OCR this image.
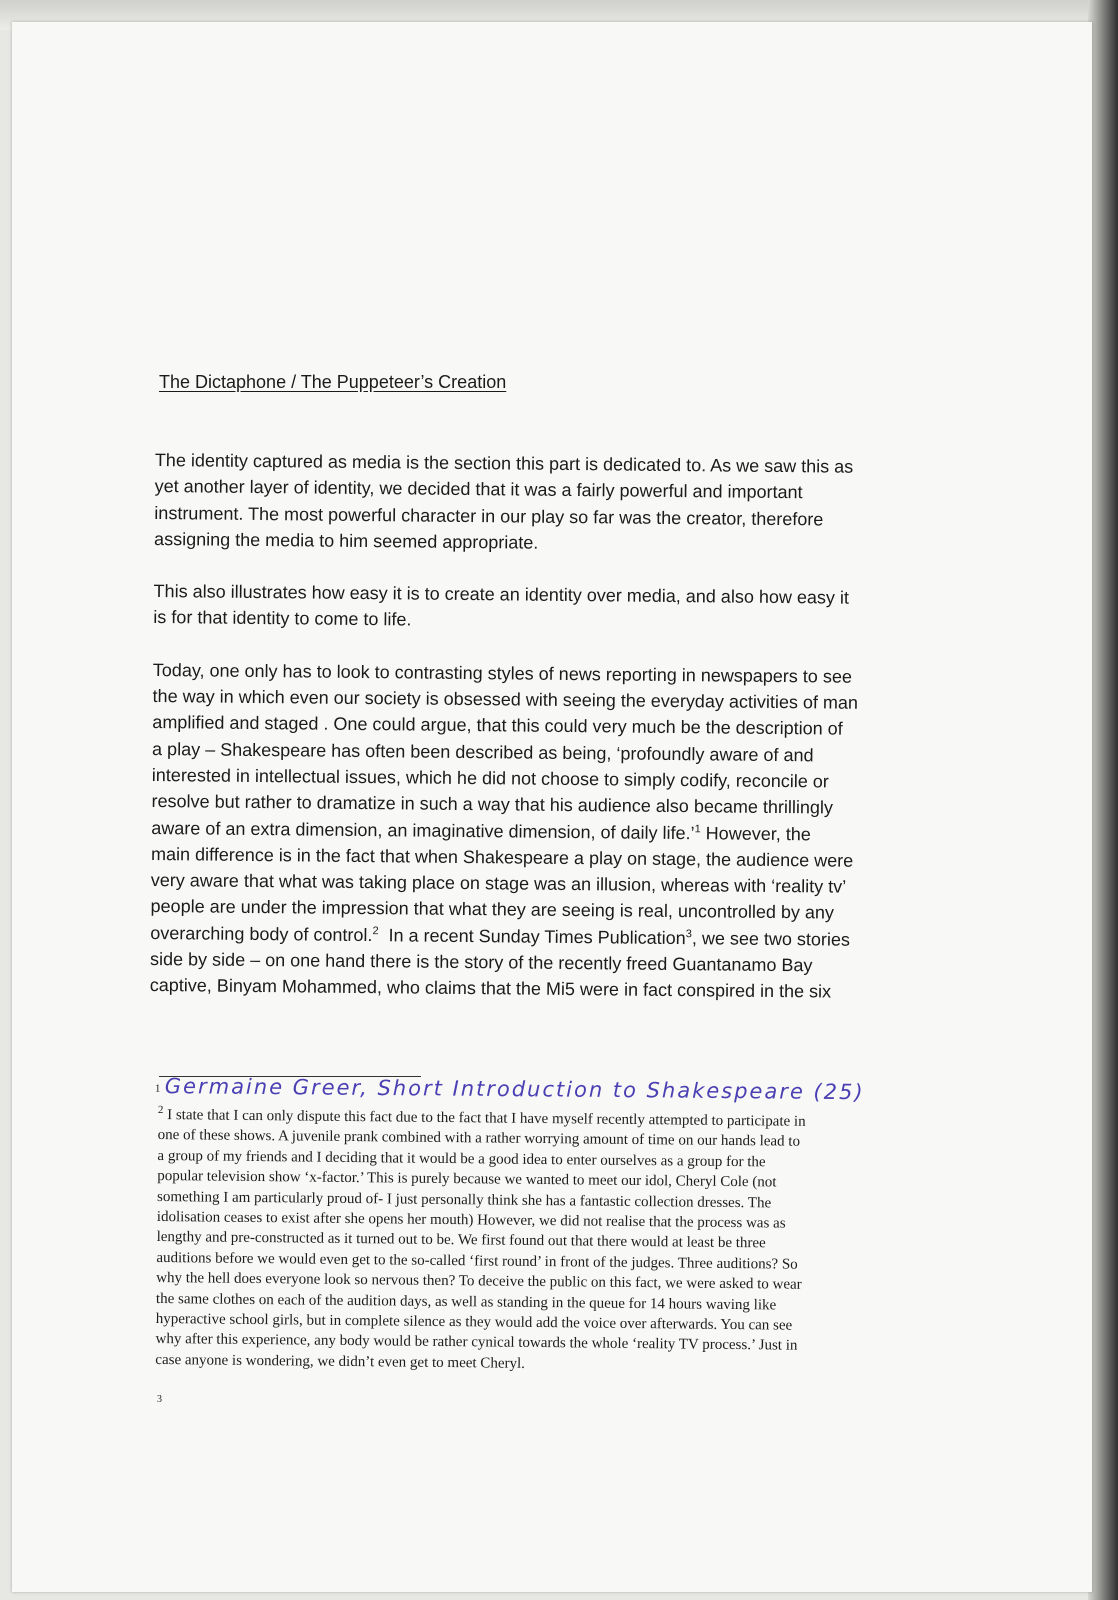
The Dictaphone / The Puppeteer’s Creation

The identity captured as media is the section this part is dedicated to. As we saw this as
yet another layer of identity, we decided that it was a fairly powerful and important
instrument. The most powerful character in our play so far was the creator, therefore
assigning the media to him seemed appropriate.

This also illustrates how easy it is to create an identity over media, and also how easy it
is for that identity to come to life.

Today, one only has to look to contrasting styles of news reporting in newspapers to see
the way in which even our society is obsessed with seeing the everyday activities of man
amplified and staged . One could argue, that this could very much be the description of
a play – Shakespeare has often been described as being, ‘profoundly aware of and
interested in intellectual issues, which he did not choose to simply codify, reconcile or
resolve but rather to dramatize in such a way that his audience also became thrillingly
aware of an extra dimension, an imaginative dimension, of daily life.’$^1$ However, the
main difference is in the fact that when Shakespeare a play on stage, the audience were
very aware that what was taking place on stage was an illusion, whereas with ‘reality tv’
people are under the impression that what they are seeing is real, uncontrolled by any
overarching body of control.$^2$  In a recent Sunday Times Publication$^3$, we see two stories
side by side – on one hand there is the story of the recently freed Guantanamo Bay
captive, Binyam Mohammed, who claims that the Mi5 were in fact conspired in the six

1 Germaine Greer, Short Introduction to Shakespeare (25)
$^2$ I state that I can only dispute this fact due to the fact that I have myself recently attempted to participate in
one of these shows. A juvenile prank combined with a rather worrying amount of time on our hands lead to
a group of my friends and I deciding that it would be a good idea to enter ourselves as a group for the
popular television show ‘x-factor.’ This is purely because we wanted to meet our idol, Cheryl Cole (not
something I am particularly proud of- I just personally think she has a fantastic collection dresses. The
idolisation ceases to exist after she opens her mouth) However, we did not realise that the process was as
lengthy and pre-constructed as it turned out to be. We first found out that there would at least be three
auditions before we would even get to the so-called ‘first round’ in front of the judges. Three auditions? So
why the hell does everyone look so nervous then? To deceive the public on this fact, we were asked to wear
the same clothes on each of the audition days, as well as standing in the queue for 14 hours waving like
hyperactive school girls, but in complete silence as they would add the voice over afterwards. You can see
why after this experience, any body would be rather cynical towards the whole ‘reality TV process.’ Just in
case anyone is wondering, we didn’t even get to meet Cheryl.
3
